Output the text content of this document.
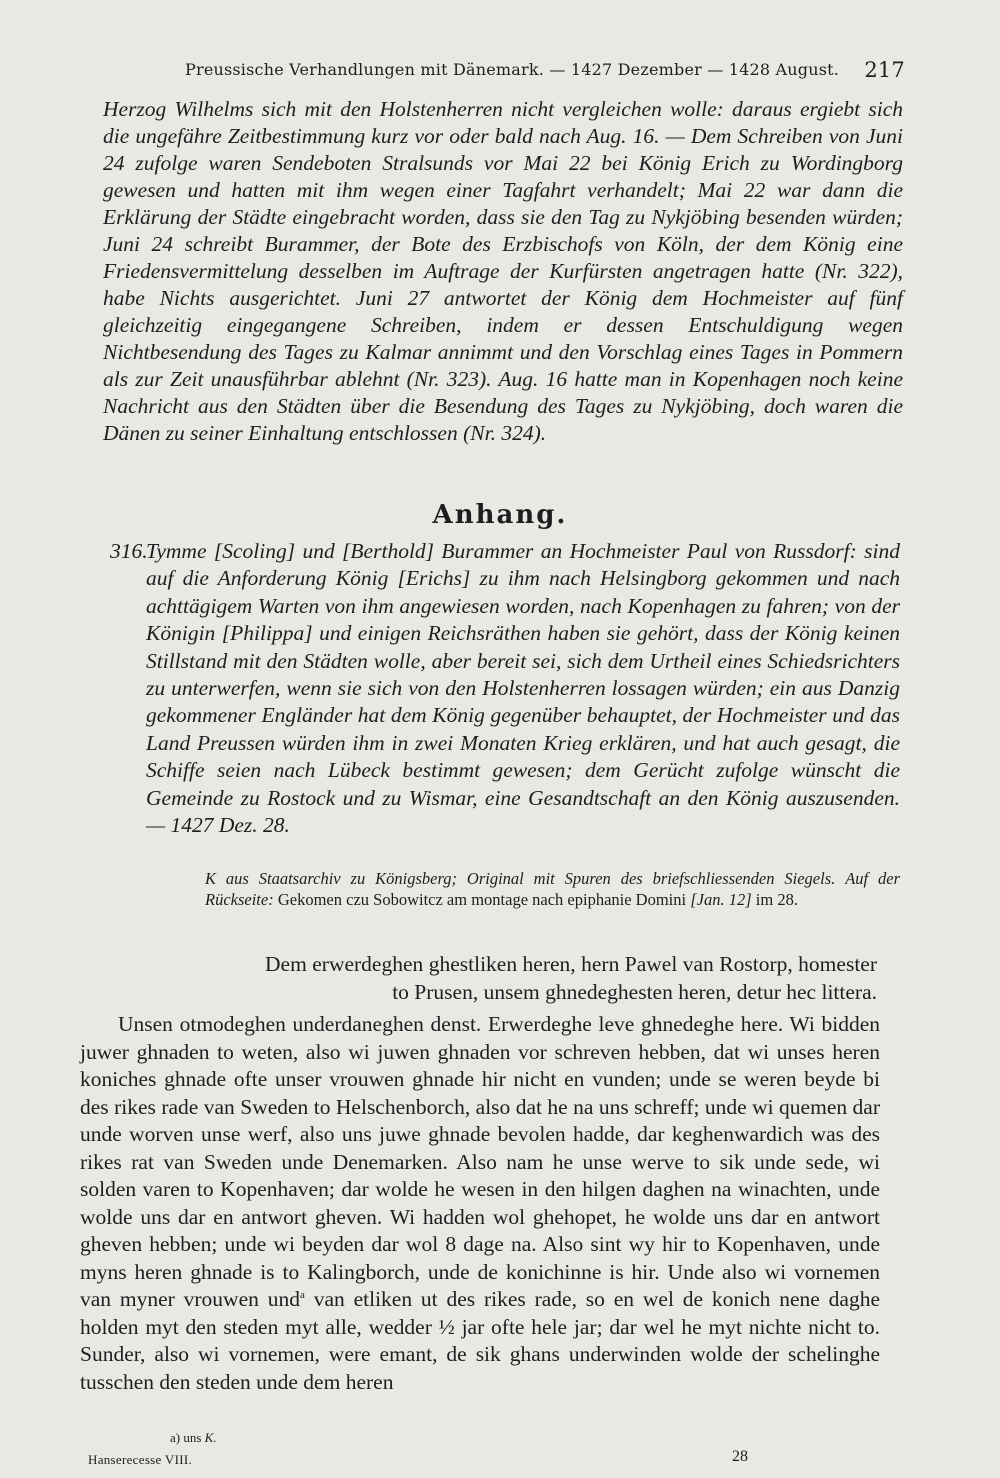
Preussische Verhandlungen mit Dänemark. — 1427 Dezember — 1428 August. 217
Herzog Wilhelms sich mit den Holstenherren nicht vergleichen wolle: daraus ergiebt sich die ungefähre Zeitbestimmung kurz vor oder bald nach Aug. 16. — Dem Schreiben von Juni 24 zufolge waren Sendeboten Stralsunds vor Mai 22 bei König Erich zu Wordingborg gewesen und hatten mit ihm wegen einer Tagfahrt verhandelt; Mai 22 war dann die Erklärung der Städte eingebracht worden, dass sie den Tag zu Nykjöbing besenden würden; Juni 24 schreibt Burammer, der Bote des Erzbischofs von Köln, der dem König eine Friedensvermittelung desselben im Auftrage der Kurfürsten angetragen hatte (Nr. 322), habe Nichts ausgerichtet. Juni 27 antwortet der König dem Hochmeister auf fünf gleichzeitig eingegangene Schreiben, indem er dessen Entschuldigung wegen Nichtbesendung des Tages zu Kalmar annimmt und den Vorschlag eines Tages in Pommern als zur Zeit unausführbar ablehnt (Nr. 323). Aug. 16 hatte man in Kopenhagen noch keine Nachricht aus den Städten über die Besendung des Tages zu Nykjöbing, doch waren die Dänen zu seiner Einhaltung entschlossen (Nr. 324).
Anhang.
316.
Tymme [Scoling] und [Berthold] Burammer an Hochmeister Paul von Russdorf: sind auf die Anforderung König [Erichs] zu ihm nach Helsingborg gekommen und nach achttägigem Warten von ihm angewiesen worden, nach Kopenhagen zu fahren; von der Königin [Philippa] und einigen Reichsräthen haben sie gehört, dass der König keinen Stillstand mit den Städten wolle, aber bereit sei, sich dem Urtheil eines Schiedsrichters zu unterwerfen, wenn sie sich von den Holstenherren lossagen würden; ein aus Danzig gekommener Engländer hat dem König gegenüber behauptet, der Hochmeister und das Land Preussen würden ihm in zwei Monaten Krieg erklären, und hat auch gesagt, die Schiffe seien nach Lübeck bestimmt gewesen; dem Gerücht zufolge wünscht die Gemeinde zu Rostock und zu Wismar, eine Gesandtschaft an den König auszusenden. — 1427 Dez. 28.
K aus Staatsarchiv zu Königsberg; Original mit Spuren des briefschliessenden Siegels. Auf der Rückseite: Gekomen czu Sobowitcz am montage nach epiphanie Domini [Jan. 12] im 28.
Dem erwerdeghen ghestliken heren, hern Pawel van Rostorp, homester to Prusen, unsem ghnedeghesten heren, detur hec littera.
Unsen otmodeghen underdaneghen denst. Erwerdeghe leve ghnedeghe here. Wi bidden juwer ghnaden to weten, also wi juwen ghnaden vor schreven hebben, dat wi unses heren koniches ghnade ofte unser vrouwen ghnade hir nicht en vunden; unde se weren beyde bi des rikes rade van Sweden to Helschenborch, also dat he na uns schreff; unde wi quemen dar unde worven unse werf, also uns juwe ghnade bevolen hadde, dar keghenwardich was des rikes rat van Sweden unde Denemarken. Also nam he unse werve to sik unde sede, wi solden varen to Kopenhaven; dar wolde he wesen in den hilgen daghen na winachten, unde wolde uns dar en antwort gheven. Wi hadden wol ghehopet, he wolde uns dar en antwort gheven hebben; unde wi beyden dar wol 8 dage na. Also sint wy hir to Kopenhaven, unde myns heren ghnade is to Kalingborch, unde de konichinne is hir. Unde also wi vornemen van myner vrouwen und$^a$ van etliken ut des rikes rade, so en wel de konich nene daghe holden myt den steden myt alle, wedder ½ jar ofte hele jar; dar wel he myt nichte nicht to. Sunder, also wi vornemen, were emant, de sik ghans underwinden wolde der schelinghe tusschen den steden unde dem heren
a) uns K.
Hanserecesse VIII.	28
